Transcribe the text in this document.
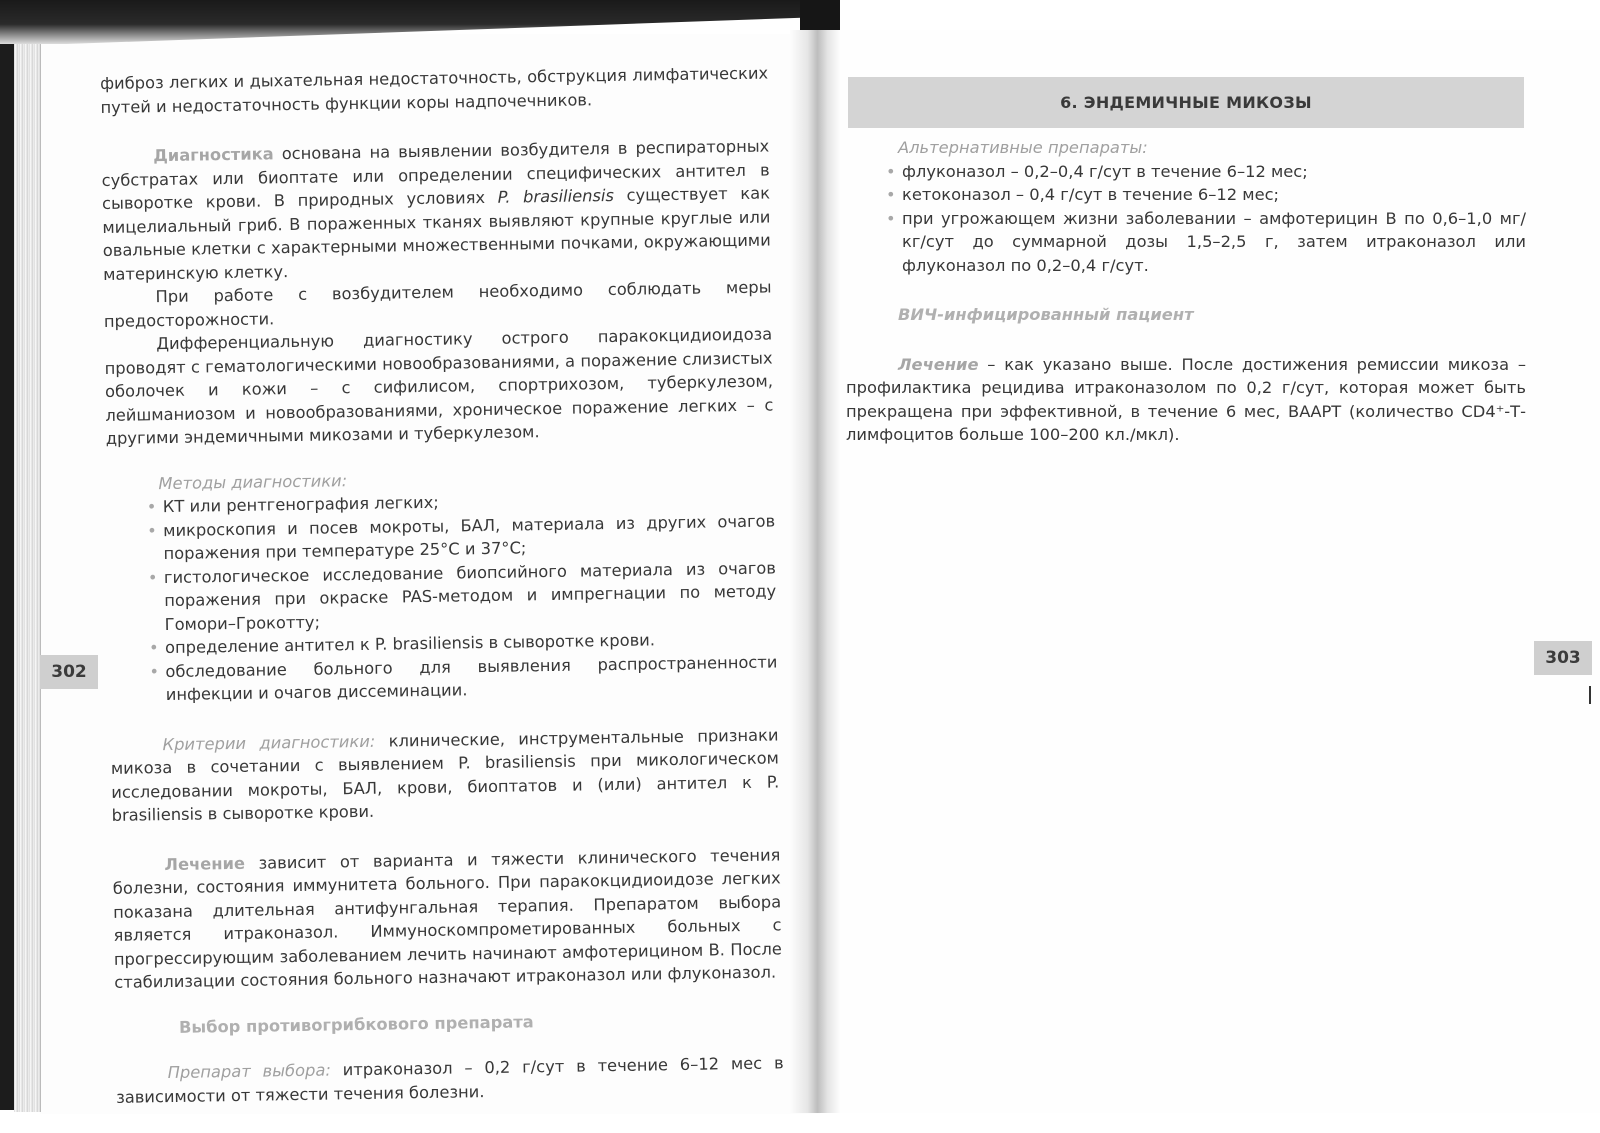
фиброз легких и дыхательная недостаточность, обструкция лимфатических путей и недостаточность функции коры надпочечников.

Диагностика основана на выявлении возбудителя в респираторных субстратах или биоптате или определении специфических антител в сыворотке крови. В природных условиях P. brasiliensis существует как мицелиальный гриб. В пораженных тканях выявляют крупные круглые или овальные клетки с характерными множественными почками, окружающими материнскую клетку.

При работе с возбудителем необходимо соблюдать меры предосторожности.

Дифференциальную диагностику острого паракокцидиоидоза проводят с гематологическими новообразованиями, а поражение слизистых оболочек и кожи – с сифилисом, спортрихозом, туберкулезом, лейшманиозом и новообразованиями, хроническое поражение легких – с другими эндемичными микозами и туберкулезом.

Методы диагностики:

• КТ или рентгенография легких;
• микроскопия и посев мокроты, БАЛ, материала из других очагов поражения при температуре 25°С и 37°С;
• гистологическое исследование биопсийного материала из очагов поражения при окраске PAS-методом и импрегнации по методу Гомори–Грокотту;
• определение антител к P. brasiliensis в сыворотке крови.
• обследование больного для выявления распространенности инфекции и очагов диссеминации.

Критерии диагностики: клинические, инструментальные признаки микоза в сочетании с выявлением P. brasiliensis при микологическом исследовании мокроты, БАЛ, крови, биоптатов и (или) антител к P. brasiliensis в сыворотке крови.

Лечение зависит от варианта и тяжести клинического течения болезни, состояния иммунитета больного. При паракокцидиоидозе легких показана длительная антифунгальная терапия. Препаратом выбора является итраконазол. Иммунoскомпрометированных больных с прогрессирующим заболеванием лечить начинают амфотерицином В. После стабилизации состояния больного назначают итраконазол или флуконазол.

Выбор противогрибкового препарата

Препарат выбора: итраконазол – 0,2 г/сут в течение 6–12 мес в зависимости от тяжести течения болезни.

6. ЭНДЕМИЧНЫЕ МИКОЗЫ

Альтернативные препараты:

• флуконазол – 0,2–0,4 г/сут в течение 6–12 мес;
• кетоконазол – 0,4 г/сут в течение 6–12 мес;
• при угрожающем жизни заболевании – амфотерицин В по 0,6–1,0 мг/кг/сут до суммарной дозы 1,5–2,5 г, затем итраконазол или флуконазол по 0,2–0,4 г/сут.

ВИЧ-инфицированный пациент

Лечение – как указано выше. После достижения ремиссии микоза – профилактика рецидива итраконазолом по 0,2 г/сут, которая может быть прекращена при эффективной, в течение 6 мес, ВААРТ (количество CD4⁺-Т-лимфоцитов больше 100–200 кл./мкл).

302
303
